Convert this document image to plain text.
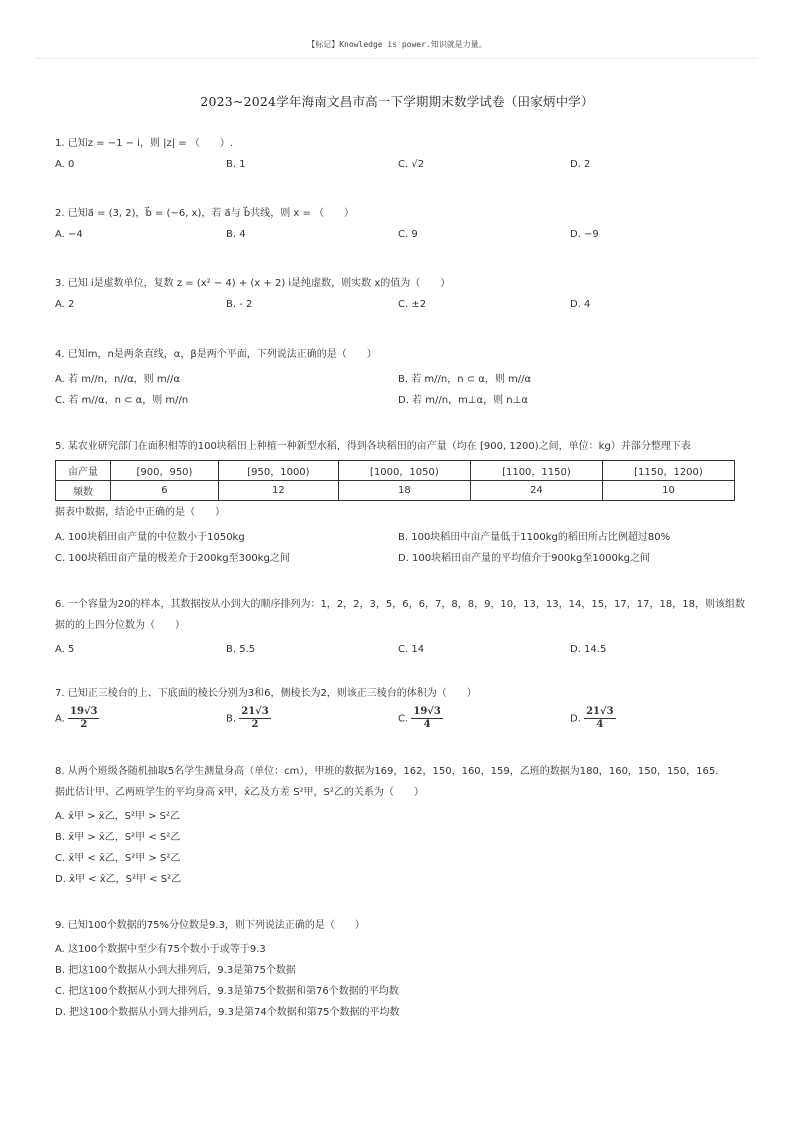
【标记】Knowledge is power.知识就是力量。
2023~2024学年海南文昌市高一下学期期末数学试卷（田家炳中学）
1. 已知z = −1 − i，则 |z| = （　　）.
A. 0	B. 1	C. √2	D. 2
2. 已知a⃗ = (3, 2)，b⃗ = (−6, x)，若 a⃗与 b⃗共线，则 x = （　　）
A. −4	B. 4	C. 9	D. −9
3. 已知 i是虚数单位，复数 z = (x² − 4) + (x + 2) i是纯虚数，则实数 x的值为（　　）
A. 2	B. - 2	C. ±2	D. 4
4. 已知m，n是两条直线，α，β是两个平面，下列说法正确的是（　　）
A. 若 m//n，n//α，则 m//α	B. 若 m//n，n ⊂ α，则 m//α
C. 若 m//α，n ⊂ α，则 m//n	D. 若 m//n，m⊥α，则 n⊥α
5. 某农业研究部门在面积相等的100块稻田上种植一种新型水稻，得到各块稻田的亩产量（均在 [900, 1200)之间，单位：kg）并部分整理下表
亩产量	[900，950)	[950，1000)	[1000，1050)	[1100，1150)	[1150，1200)
频数	6	12	18	24	10
据表中数据，结论中正确的是（　　）
A. 100块稻田亩产量的中位数小于1050kg	B. 100块稻田中亩产量低于1100kg的稻田所占比例超过80%
C. 100块稻田亩产量的极差介于200kg至300kg之间	D. 100块稻田亩产量的平均值介于900kg至1000kg之间
6. 一个容量为20的样本，其数据按从小到大的顺序排列为：1，2，2，3，5，6，6，7，8，8，9，10，13，13，14，15，17，17，18，18，则该组数据的的上四分位数为（　　）
A. 5	B. 5.5	C. 14	D. 14.5
7. 已知正三棱台的上、下底面的棱长分别为3和6，侧棱长为2，则该正三棱台的体积为（　　）
A. $\frac{19√3}{2}$	B. $\frac{21√3}{2}$	C. $\frac{19√3}{4}$	D. $\frac{21√3}{4}$
8. 从两个班级各随机抽取5名学生测量身高（单位：cm），甲班的数据为169，162，150，160，159，乙班的数据为180，160，150，150，165.
据此估计甲、乙两班学生的平均身高 x̄甲，x̄乙及方差 S²甲，S²乙的关系为（　　）
A. x̄甲 > x̄乙，S²甲 > S²乙
B. x̄甲 > x̄乙，S²甲 < S²乙
C. x̄甲 < x̄乙，S²甲 > S²乙
D. x̄甲 < x̄乙，S²甲 < S²乙
9. 已知100个数据的75%分位数是9.3，则下列说法正确的是（　　）
A. 这100个数据中至少有75个数小于或等于9.3
B. 把这100个数据从小到大排列后，9.3是第75个数据
C. 把这100个数据从小到大排列后，9.3是第75个数据和第76个数据的平均数
D. 把这100个数据从小到大排列后，9.3是第74个数据和第75个数据的平均数
